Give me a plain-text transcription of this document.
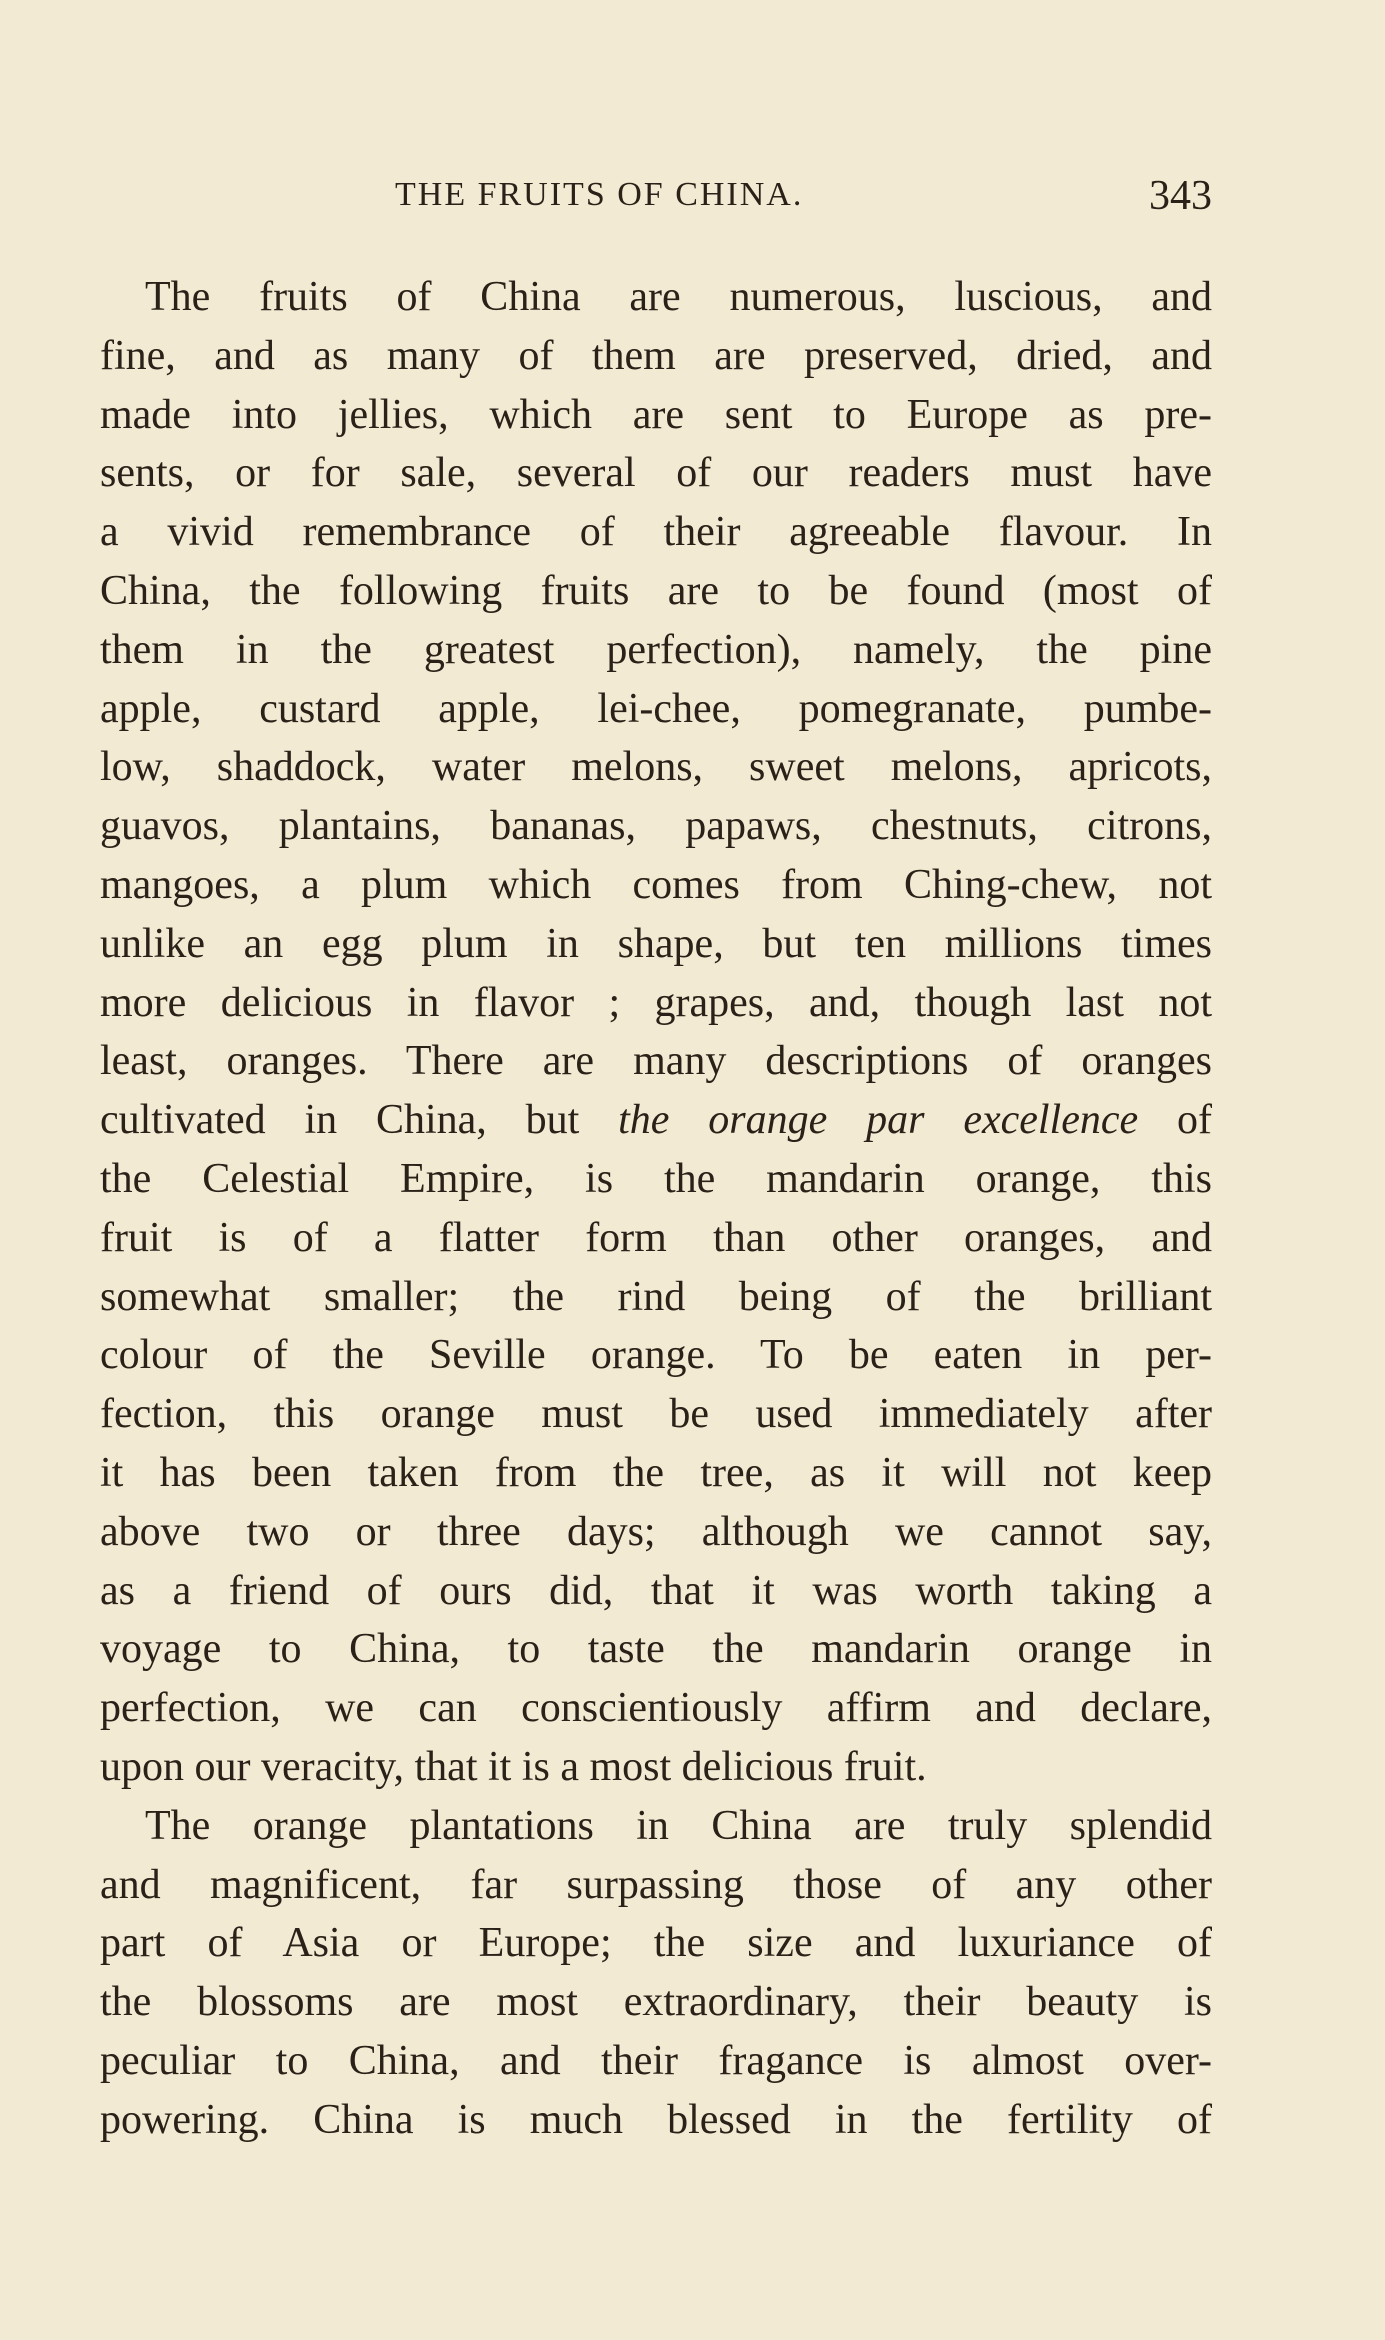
THE FRUITS OF CHINA.	343
The fruits of China are numerous, luscious, and
fine, and as many of them are preserved, dried, and
made into jellies, which are sent to Europe as pre-
sents, or for sale, several of our readers must have
a vivid remembrance of their agreeable flavour. In
China, the following fruits are to be found (most of
them in the greatest perfection), namely, the pine
apple, custard apple, lei-chee, pomegranate, pumbe-
low, shaddock, water melons, sweet melons, apricots,
guavos, plantains, bananas, papaws, chestnuts, citrons,
mangoes, a plum which comes from Ching-chew, not
unlike an egg plum in shape, but ten millions times
more delicious in flavor ; grapes, and, though last not
least, oranges. There are many descriptions of oranges
cultivated in China, but the orange par excellence of
the Celestial Empire, is the mandarin orange, this
fruit is of a flatter form than other oranges, and
somewhat smaller; the rind being of the brilliant
colour of the Seville orange. To be eaten in per-
fection, this orange must be used immediately after
it has been taken from the tree, as it will not keep
above two or three days; although we cannot say,
as a friend of ours did, that it was worth taking a
voyage to China, to taste the mandarin orange in
perfection, we can conscientiously affirm and declare,
upon our veracity, that it is a most delicious fruit.
The orange plantations in China are truly splendid
and magnificent, far surpassing those of any other
part of Asia or Europe; the size and luxuriance of
the blossoms are most extraordinary, their beauty is
peculiar to China, and their fragance is almost over-
powering. China is much blessed in the fertility of
